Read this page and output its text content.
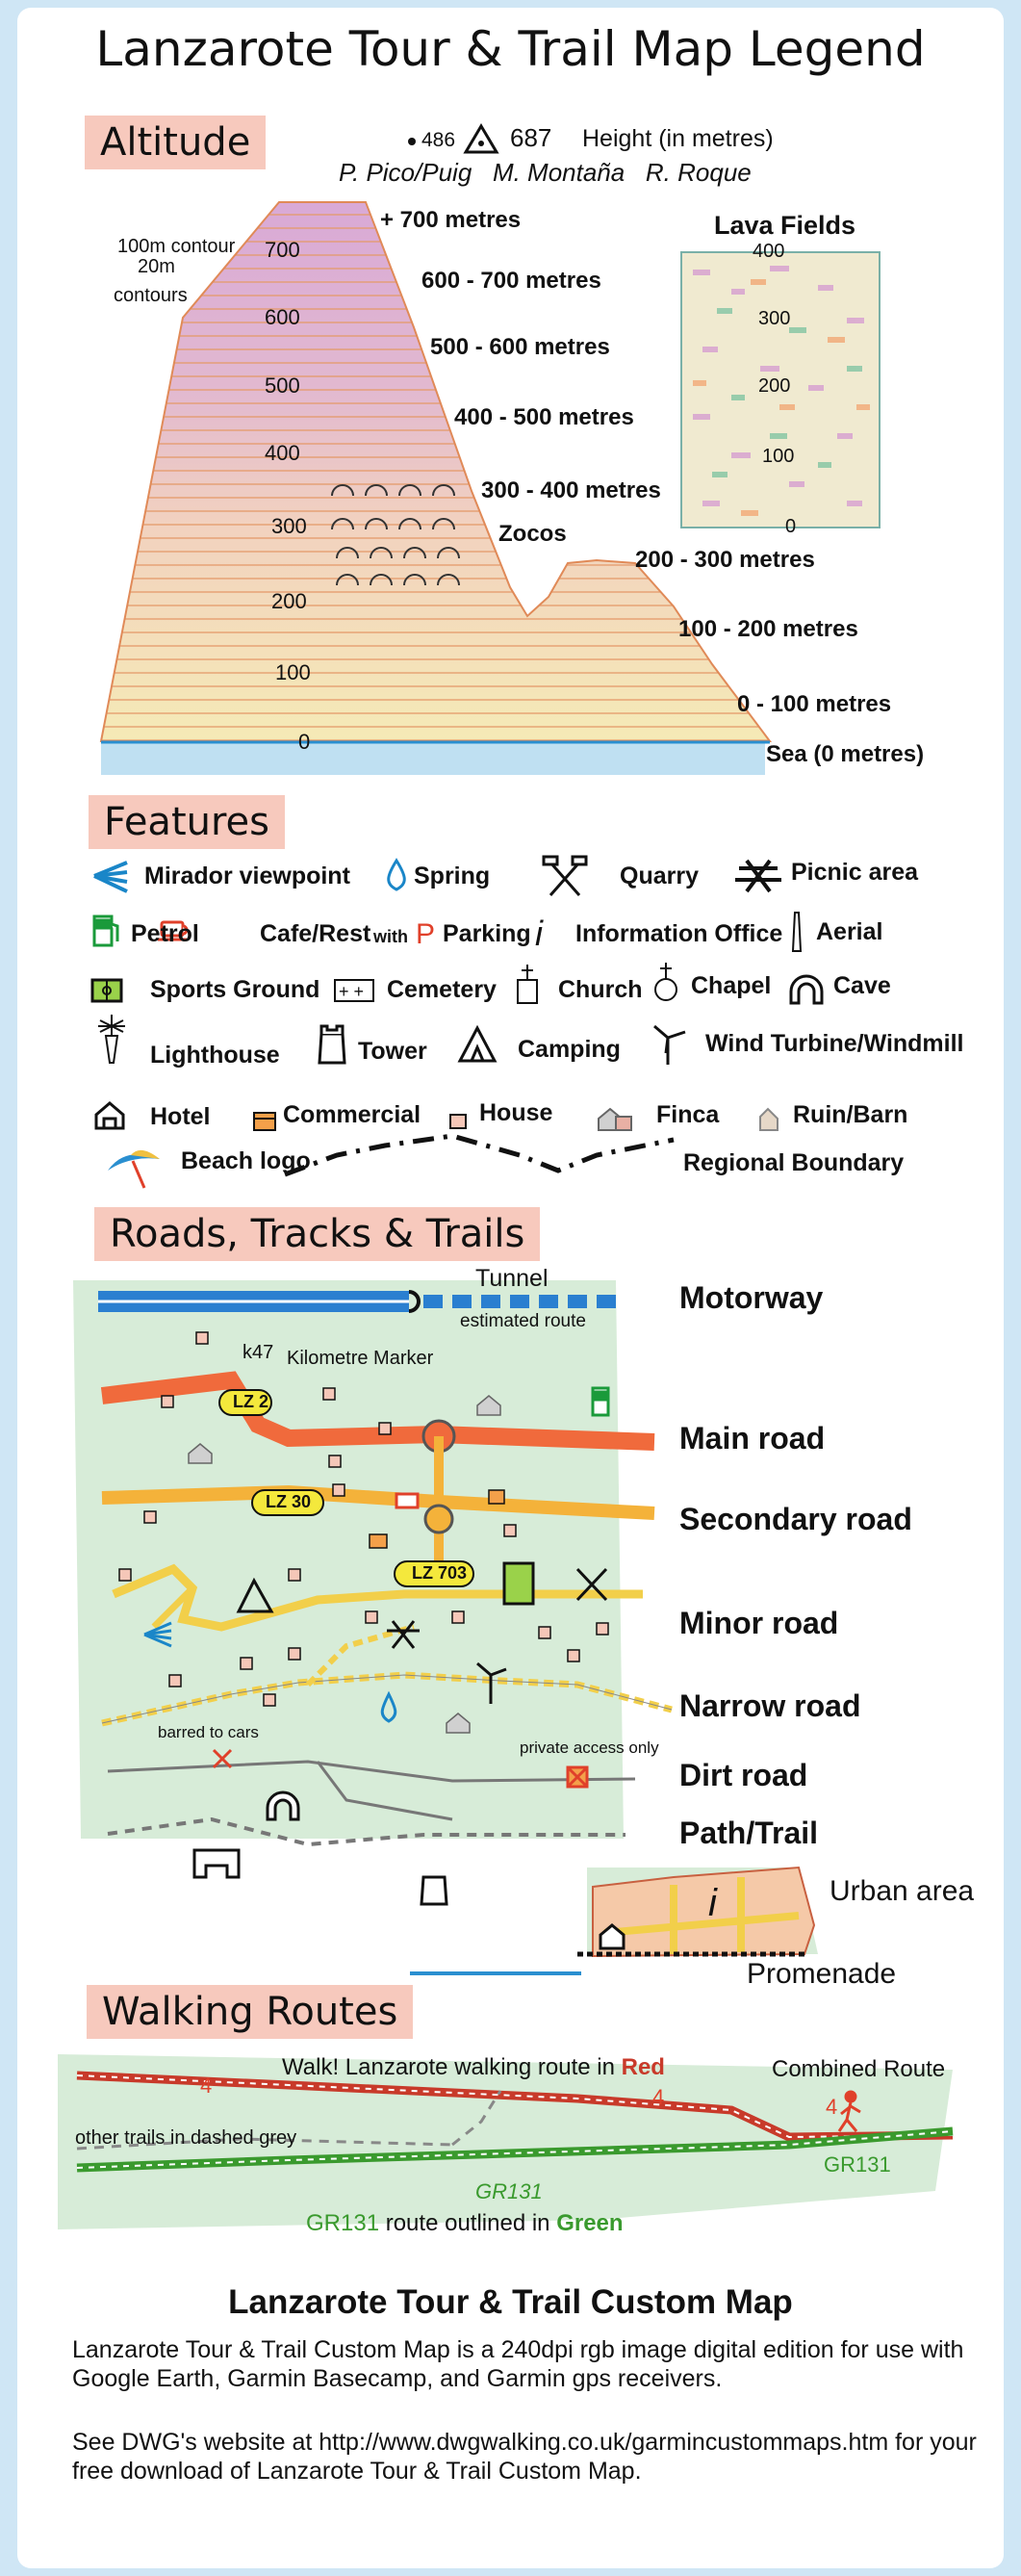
Lanzarote Tour & Trail Map Legend
Altitude	486 687 Height (in metres)
P. Pico/Puig   M. Montaña   R. Roque
100m contour
20m
contours
700
600
500
400
300
200
100
0
+ 700 metres
600 - 700 metres
500 - 600 metres
400 - 500 metres
300 - 400 metres
200 - 300 metres
100 - 200 metres
0 - 100 metres
Sea (0 metres)
Zocos
Lava Fields
400
300
200
100
0
Features
P	i
+ +
Mirador viewpoint	Spring	Quarry	Picnic area
Petrol	Cafe/Rest with Parking Information Office Aerial
Sports Ground	Cemetery	Church Chapel	Cave
Lighthouse	Tower	Camping	Wind Turbine/Windmill
Hotel	Commercial House	Finca	Ruin/Barn
Beach logo	Regional Boundary
Roads, Tracks & Trails
i
Tunnel
estimated route
k47 Kilometre Marker
LZ 2
LZ 30
LZ 703
barred to cars
private access only
Motorway
Main road
Secondary road
Minor road
Narrow road
Dirt road
Path/Trail
Urban area
Promenade
Walking Routes
Walk! Lanzarote walking route in Red	Combined Route
other trails in dashed grey
4	4	4
GR131
GR131
GR131 route outlined in Green
Lanzarote Tour & Trail Custom Map
Lanzarote Tour & Trail Custom Map is a 240dpi rgb image digital edition for use with Google Earth, Garmin Basecamp, and Garmin gps receivers.
See DWG's website at http://www.dwgwalking.co.uk/garmincustommaps.htm for your free download of Lanzarote Tour & Trail Custom Map.
